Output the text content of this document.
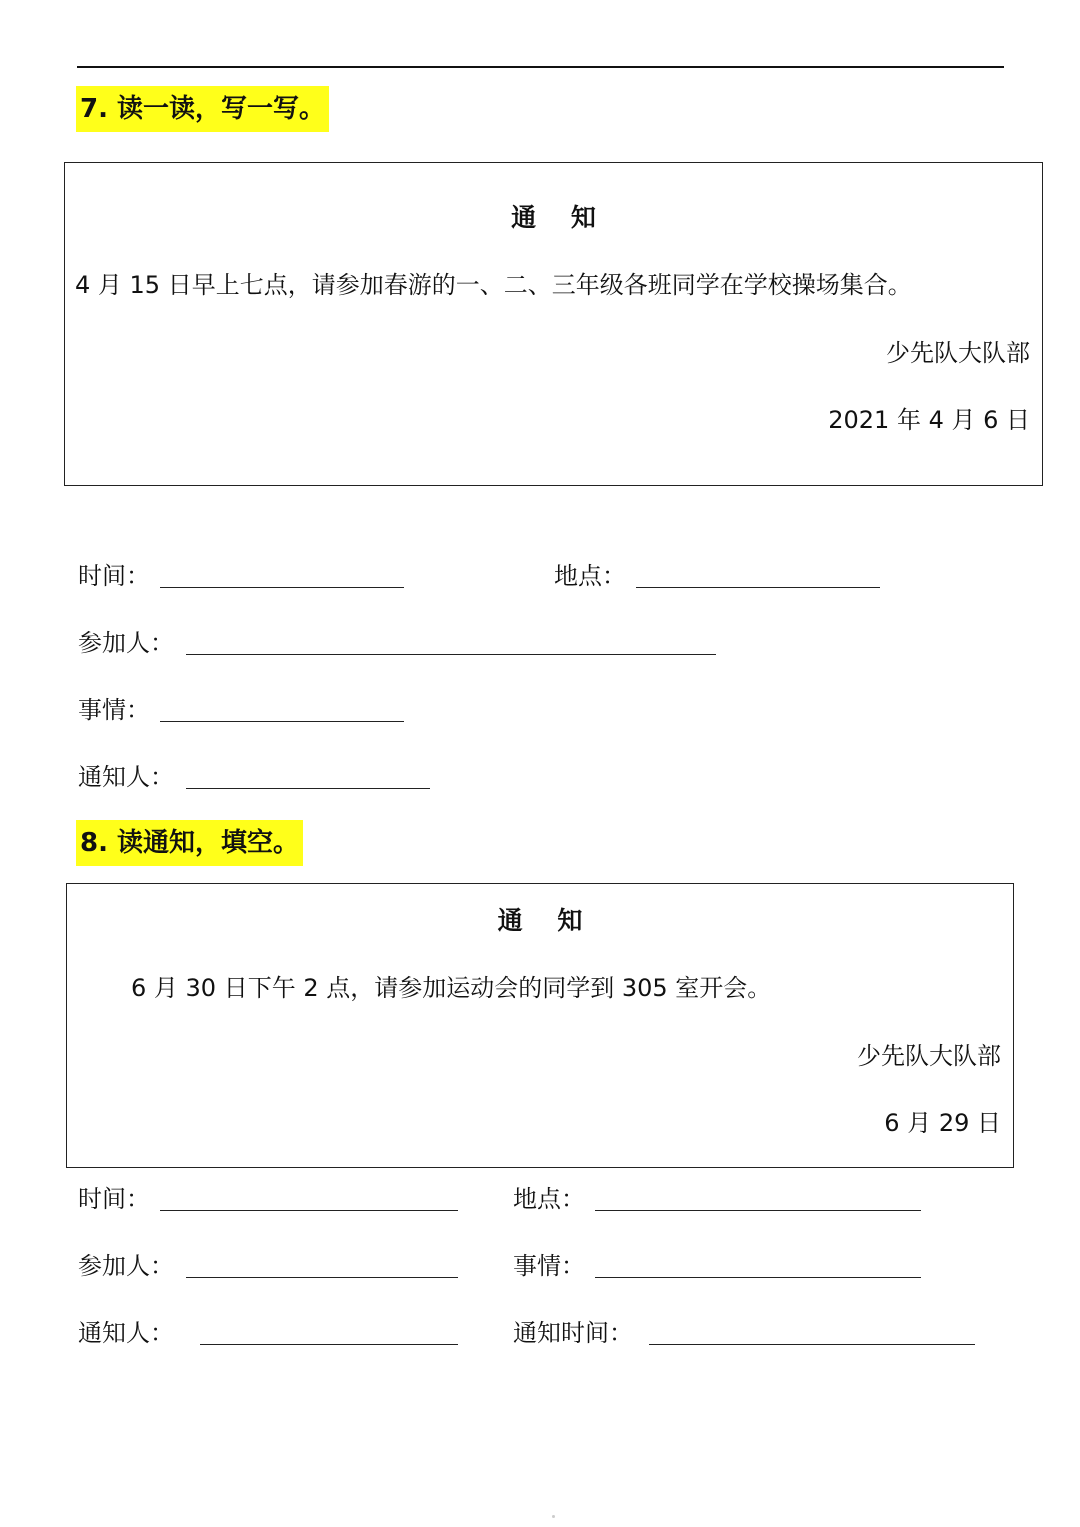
7. 读一读，写一写。
通    知
4 月 15 日早上七点，请参加春游的一、二、三年级各班同学在学校操场集合。
少先队大队部
2021 年 4 月 6 日
时间：	地点：
参加人：
事情：
通知人：
8. 读通知，填空。
通    知
6 月 30 日下午 2 点，请参加运动会的同学到 305 室开会。
少先队大队部
6 月 29 日
时间：	地点：
参加人：	事情：
通知人：	通知时间：
